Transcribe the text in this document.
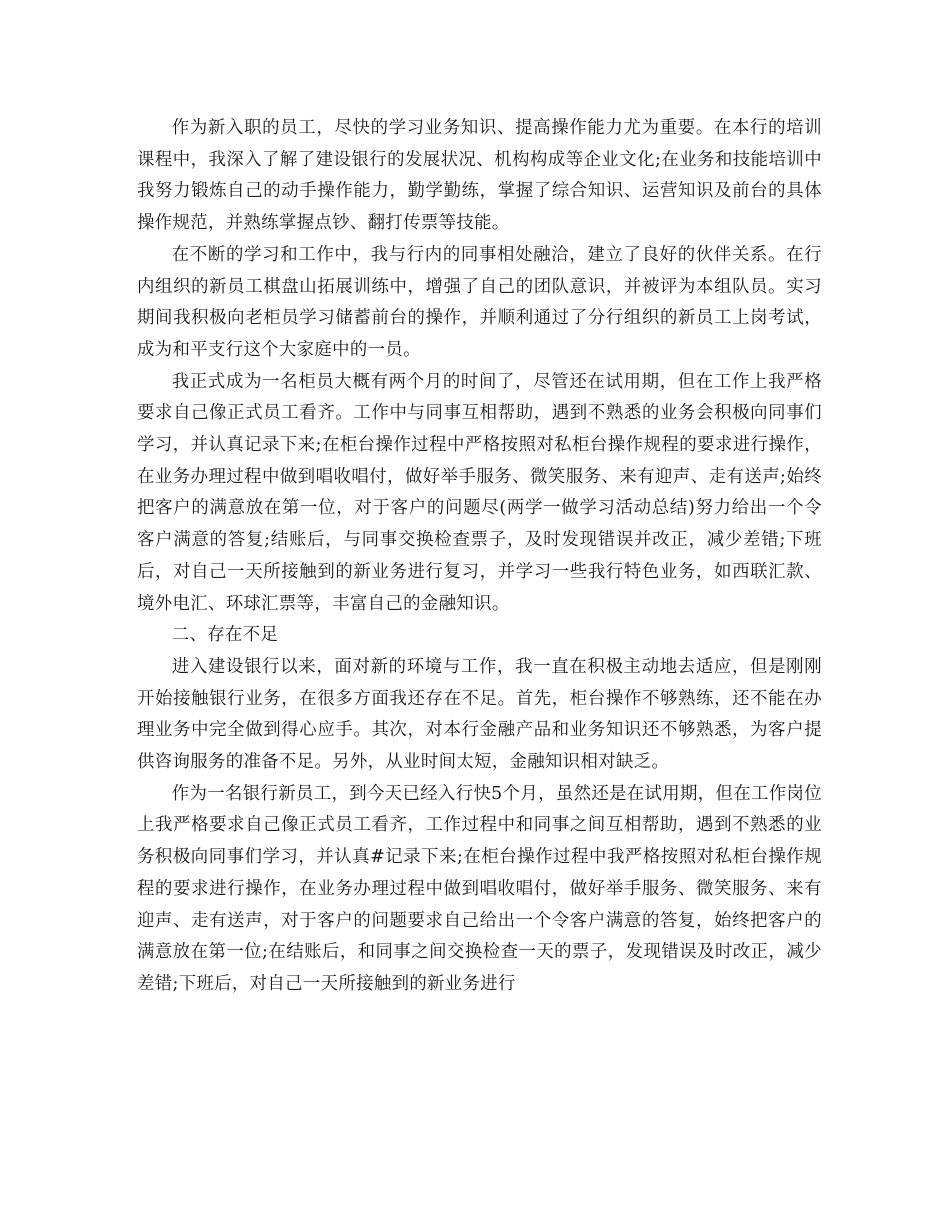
作为新入职的员工，尽快的学习业务知识、提高操作能力尤为重要。在本行的培训课程中，我深入了解了建设银行的发展状况、机构构成等企业文化;在业务和技能培训中我努力锻炼自己的动手操作能力，勤学勤练，掌握了综合知识、运营知识及前台的具体操作规范，并熟练掌握点钞、翻打传票等技能。

在不断的学习和工作中，我与行内的同事相处融洽，建立了良好的伙伴关系。在行内组织的新员工棋盘山拓展训练中，增强了自己的团队意识，并被评为本组队员。实习期间我积极向老柜员学习储蓄前台的操作，并顺利通过了分行组织的新员工上岗考试，成为和平支行这个大家庭中的一员。

我正式成为一名柜员大概有两个月的时间了，尽管还在试用期，但在工作上我严格要求自己像正式员工看齐。工作中与同事互相帮助，遇到不熟悉的业务会积极向同事们学习，并认真记录下来;在柜台操作过程中严格按照对私柜台操作规程的要求进行操作，在业务办理过程中做到唱收唱付，做好举手服务、微笑服务、来有迎声、走有送声;始终把客户的满意放在第一位，对于客户的问题尽(两学一做学习活动总结)努力给出一个令客户满意的答复;结账后，与同事交换检查票子，及时发现错误并改正，减少差错;下班后，对自己一天所接触到的新业务进行复习，并学习一些我行特色业务，如西联汇款、境外电汇、环球汇票等，丰富自己的金融知识。

二、存在不足

进入建设银行以来，面对新的环境与工作，我一直在积极主动地去适应，但是刚刚开始接触银行业务，在很多方面我还存在不足。首先，柜台操作不够熟练，还不能在办理业务中完全做到得心应手。其次，对本行金融产品和业务知识还不够熟悉，为客户提供咨询服务的准备不足。另外，从业时间太短，金融知识相对缺乏。

作为一名银行新员工，到今天已经入行快5个月，虽然还是在试用期，但在工作岗位上我严格要求自己像正式员工看齐，工作过程中和同事之间互相帮助，遇到不熟悉的业务积极向同事们学习，并认真#记录下来;在柜台操作过程中我严格按照对私柜台操作规程的要求进行操作，在业务办理过程中做到唱收唱付，做好举手服务、微笑服务、来有迎声、走有送声，对于客户的问题要求自己给出一个令客户满意的答复，始终把客户的满意放在第一位;在结账后，和同事之间交换检查一天的票子，发现错误及时改正，减少差错;下班后，对自己一天所接触到的新业务进行
